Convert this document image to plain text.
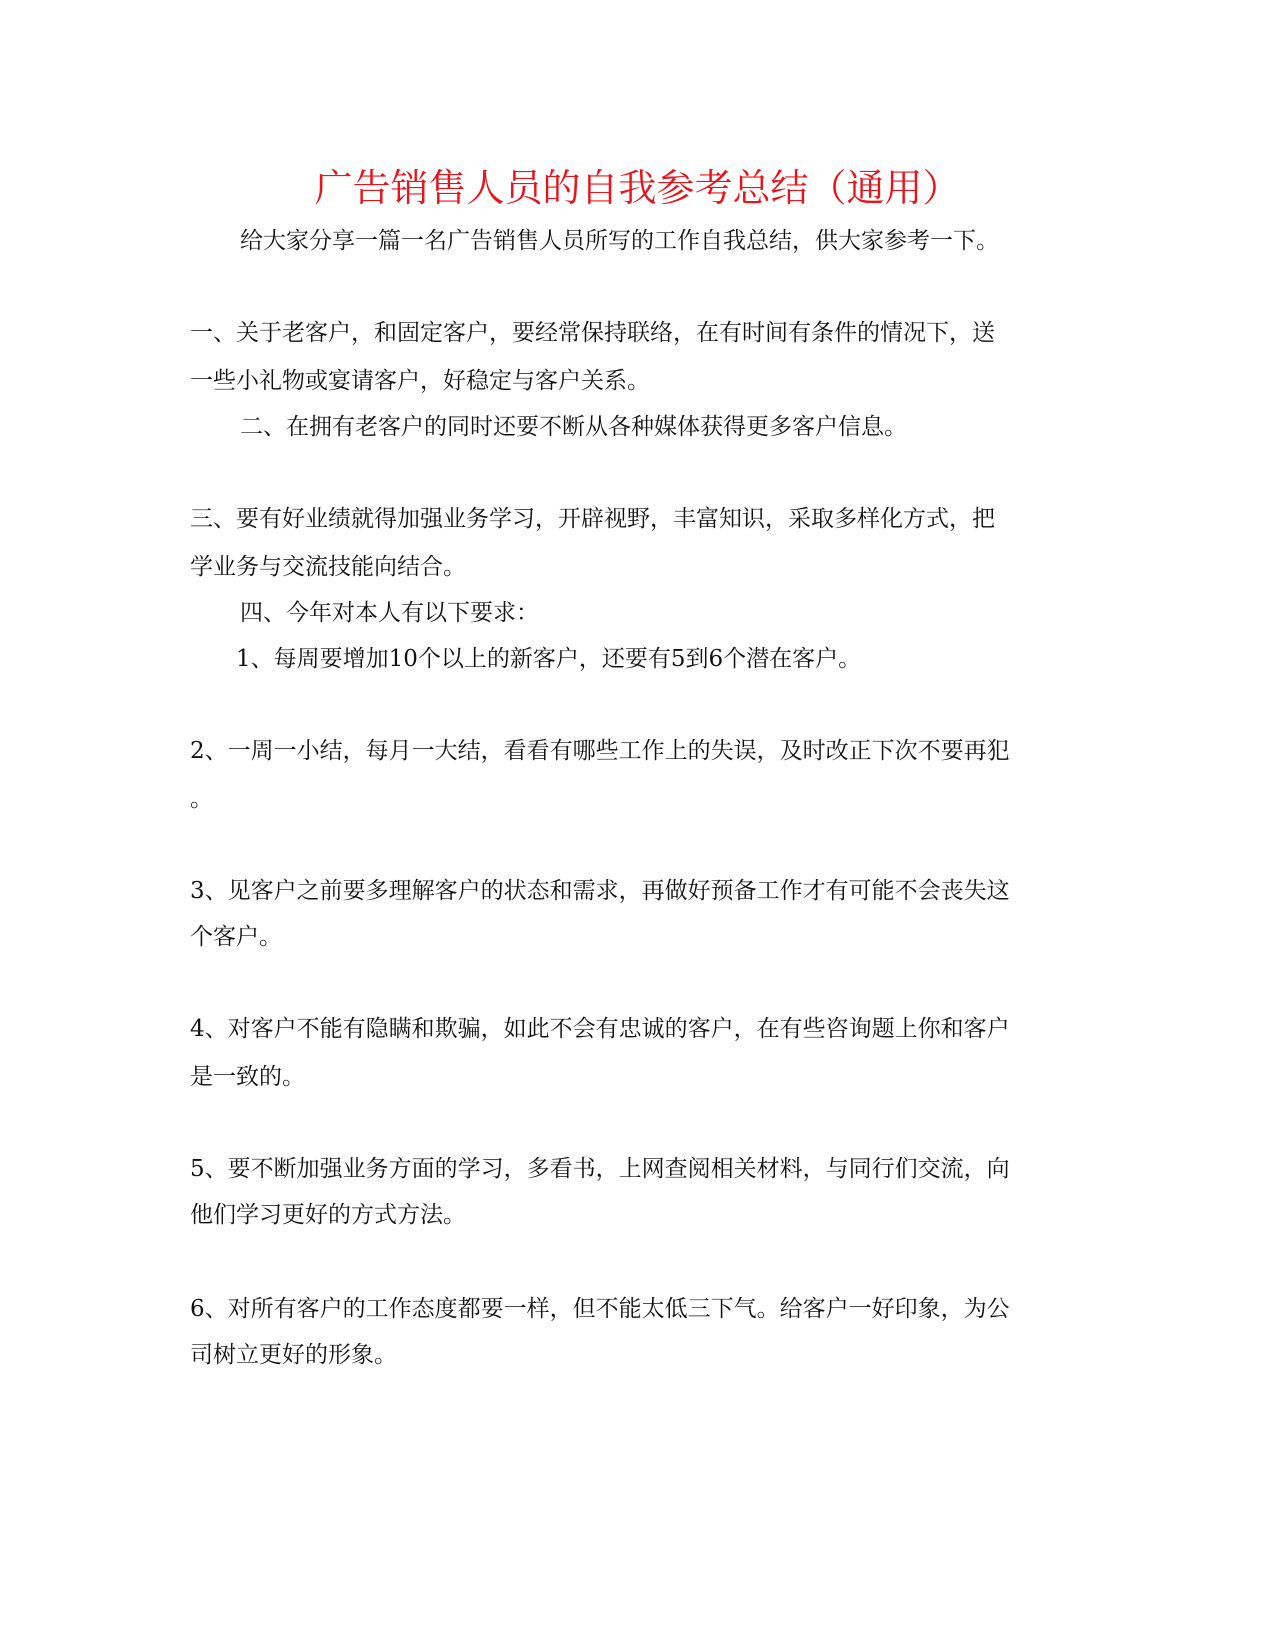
广告销售人员的自我参考总结（通用）
给大家分享一篇一名广告销售人员所写的工作自我总结，供大家参考一下。
一、关于老客户，和固定客户，要经常保持联络，在有时间有条件的情况下，送
一些小礼物或宴请客户，好稳定与客户关系。
二、在拥有老客户的同时还要不断从各种媒体获得更多客户信息。
三、要有好业绩就得加强业务学习，开辟视野，丰富知识，采取多样化方式，把
学业务与交流技能向结合。
四、今年对本人有以下要求：
1、每周要增加10个以上的新客户，还要有5到6个潜在客户。
2、一周一小结，每月一大结，看看有哪些工作上的失误，及时改正下次不要再犯
。
3、见客户之前要多理解客户的状态和需求，再做好预备工作才有可能不会丧失这
个客户。
4、对客户不能有隐瞒和欺骗，如此不会有忠诚的客户，在有些咨询题上你和客户
是一致的。
5、要不断加强业务方面的学习，多看书，上网查阅相关材料，与同行们交流，向
他们学习更好的方式方法。
6、对所有客户的工作态度都要一样，但不能太低三下气。给客户一好印象，为公
司树立更好的形象。
